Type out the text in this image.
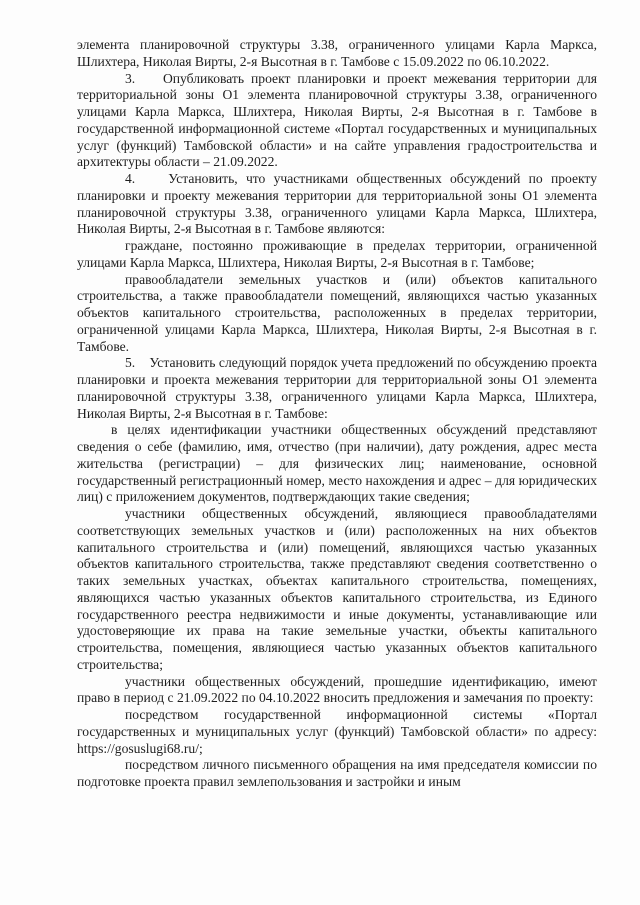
элемента планировочной структуры 3.38, ограниченного улицами Карла Маркса, Шлихтера, Николая Вирты, 2-я Высотная в г. Тамбове с 15.09.2022 по 06.10.2022.

3.    Опубликовать проект планировки и проект межевания территории для территориальной зоны О1 элемента планировочной структуры 3.38, ограниченного улицами Карла Маркса, Шлихтера, Николая Вирты, 2-я Высотная в г. Тамбове в государственной информационной системе «Портал государственных и муниципальных услуг (функций) Тамбовской области» и на сайте управления градостроительства и архитектуры области – 21.09.2022.

4.    Установить, что участниками общественных обсуждений по проекту планировки и проекту межевания территории для территориальной зоны О1 элемента планировочной структуры 3.38, ограниченного улицами Карла Маркса, Шлихтера, Николая Вирты, 2-я Высотная в г. Тамбове являются:

граждане, постоянно проживающие в пределах территории, ограниченной улицами Карла Маркса, Шлихтера, Николая Вирты, 2-я Высотная в г. Тамбове;

правообладатели земельных участков и (или) объектов капитального строительства, а также правообладатели помещений, являющихся частью указанных объектов капитального строительства, расположенных в пределах территории, ограниченной улицами Карла Маркса, Шлихтера, Николая Вирты, 2-я Высотная в г. Тамбове.

5.    Установить следующий порядок учета предложений по обсуждению проекта планировки и проекта межевания территории для территориальной зоны О1 элемента планировочной структуры 3.38, ограниченного улицами Карла Маркса, Шлихтера, Николая Вирты, 2-я Высотная в г. Тамбове:

в целях идентификации участники общественных обсуждений представляют сведения о себе (фамилию, имя, отчество (при наличии), дату рождения, адрес места жительства (регистрации) – для физических лиц; наименование, основной государственный регистрационный номер, место нахождения и адрес – для юридических лиц) с приложением документов, подтверждающих такие сведения;

участники общественных обсуждений, являющиеся правообладателями соответствующих земельных участков и (или) расположенных на них объектов капитального строительства и (или) помещений, являющихся частью указанных объектов капитального строительства, также представляют сведения соответственно о таких земельных участках, объектах капитального строительства, помещениях, являющихся частью указанных объектов капитального строительства, из Единого государственного реестра недвижимости и иные документы, устанавливающие или удостоверяющие их права на такие земельные участки, объекты капитального строительства, помещения, являющиеся частью указанных объектов капитального строительства;

участники общественных обсуждений, прошедшие идентификацию, имеют право в период с 21.09.2022 по 04.10.2022 вносить предложения и замечания по проекту:

посредством государственной информационной системы «Портал государственных и муниципальных услуг (функций) Тамбовской области» по адресу: https://gosuslugi68.ru/;

посредством личного письменного обращения на имя председателя комиссии по подготовке проекта правил землепользования и застройки и иным
